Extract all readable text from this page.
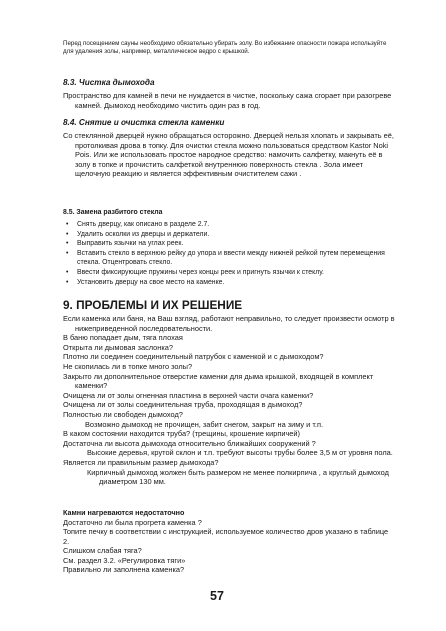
Перед посещением сауны необходимо обязательно убирать золу. Во избежание опасности пожара используйте для удаления золы, например, металлическое ведро с крышкой.

8.3. Чистка дымохода

Пространство для камней в печи не нуждается в чистке, поскольку сажа сгорает при разогреве камней. Дымоход необходимо чистить один раз в год.

8.4. Снятие и очистка стекла каменки

Со стеклянной дверцей нужно обращаться осторожно. Дверцей нельзя хлопать и закрывать её, протолкивая дрова в топку. Для очистки стекла можно пользоваться средством Kastor Noki Pois. Или же использовать простое народное средство: намочить салфетку, макнуть её в золу в топке и прочистить салфеткой внутреннюю поверхность стекла . Зола имеет щелочную реакцию и является эффективным очистителем сажи .

8.5. Замена разбитого стекла

• Снять дверцу, как описано в разделе 2.7.
• Удалить осколки из дверцы и держатели.
• Выправить язычки на углах реек.
• Вставить стекло в верхнюю рейку до упора и ввести между нижней рейкой путем перемещения стекла. Отцентровать стекло.
• Ввести фиксирующие пружины через концы реек и пригнуть язычки к стеклу.
• Установить дверцу на свое место на каменке.

9. ПРОБЛЕМЫ И ИХ РЕШЕНИЕ

Если каменка или баня, на Ваш взгляд, работают неправильно, то следует произвести осмотр в нижеприведенной последовательности.

В баню попадает дым, тяга плохая

Открыта ли дымовая заслонка?

Плотно ли соединен соединительный патрубок с каменкой и с дымоходом?

Не скопилась ли в топке много золы?

Закрыто ли дополнительное отверстие каменки для дыма крышкой, входящей в комплект каменки?

Очищена ли от золы огненная пластина в верхней части очага каменки?

Очищена ли от золы соединительная труба, проходящая в дымоход?

Полностью ли свободен дымоход?

Возможно дымоход не прочищен, забит снегом, закрыт на зиму и т.п.

В каком состоянии находится труба? (трещины, крошение кирпичей)

Достаточна ли высота дымохода относительно ближайших сооружений ?

Высокие деревья, крутой склон и т.п. требуют высоты трубы более 3,5 м от уровня пола.

Является ли правильным размер дымохода?

Кирпичный дымоход жолжен быть размером не менее полкирпича , а круглый дымоход диаметром 130 мм.

Камни нагреваются недостаточно

Достаточно ли была прогрета каменка ?

Топите печку в соответствии с инструкцией, используемое количество дров указано в таблице 2.

Слишком слабая тяга?

См. раздел 3.2. «Регулировка тяги»

Правильно ли заполнена каменка?

57
